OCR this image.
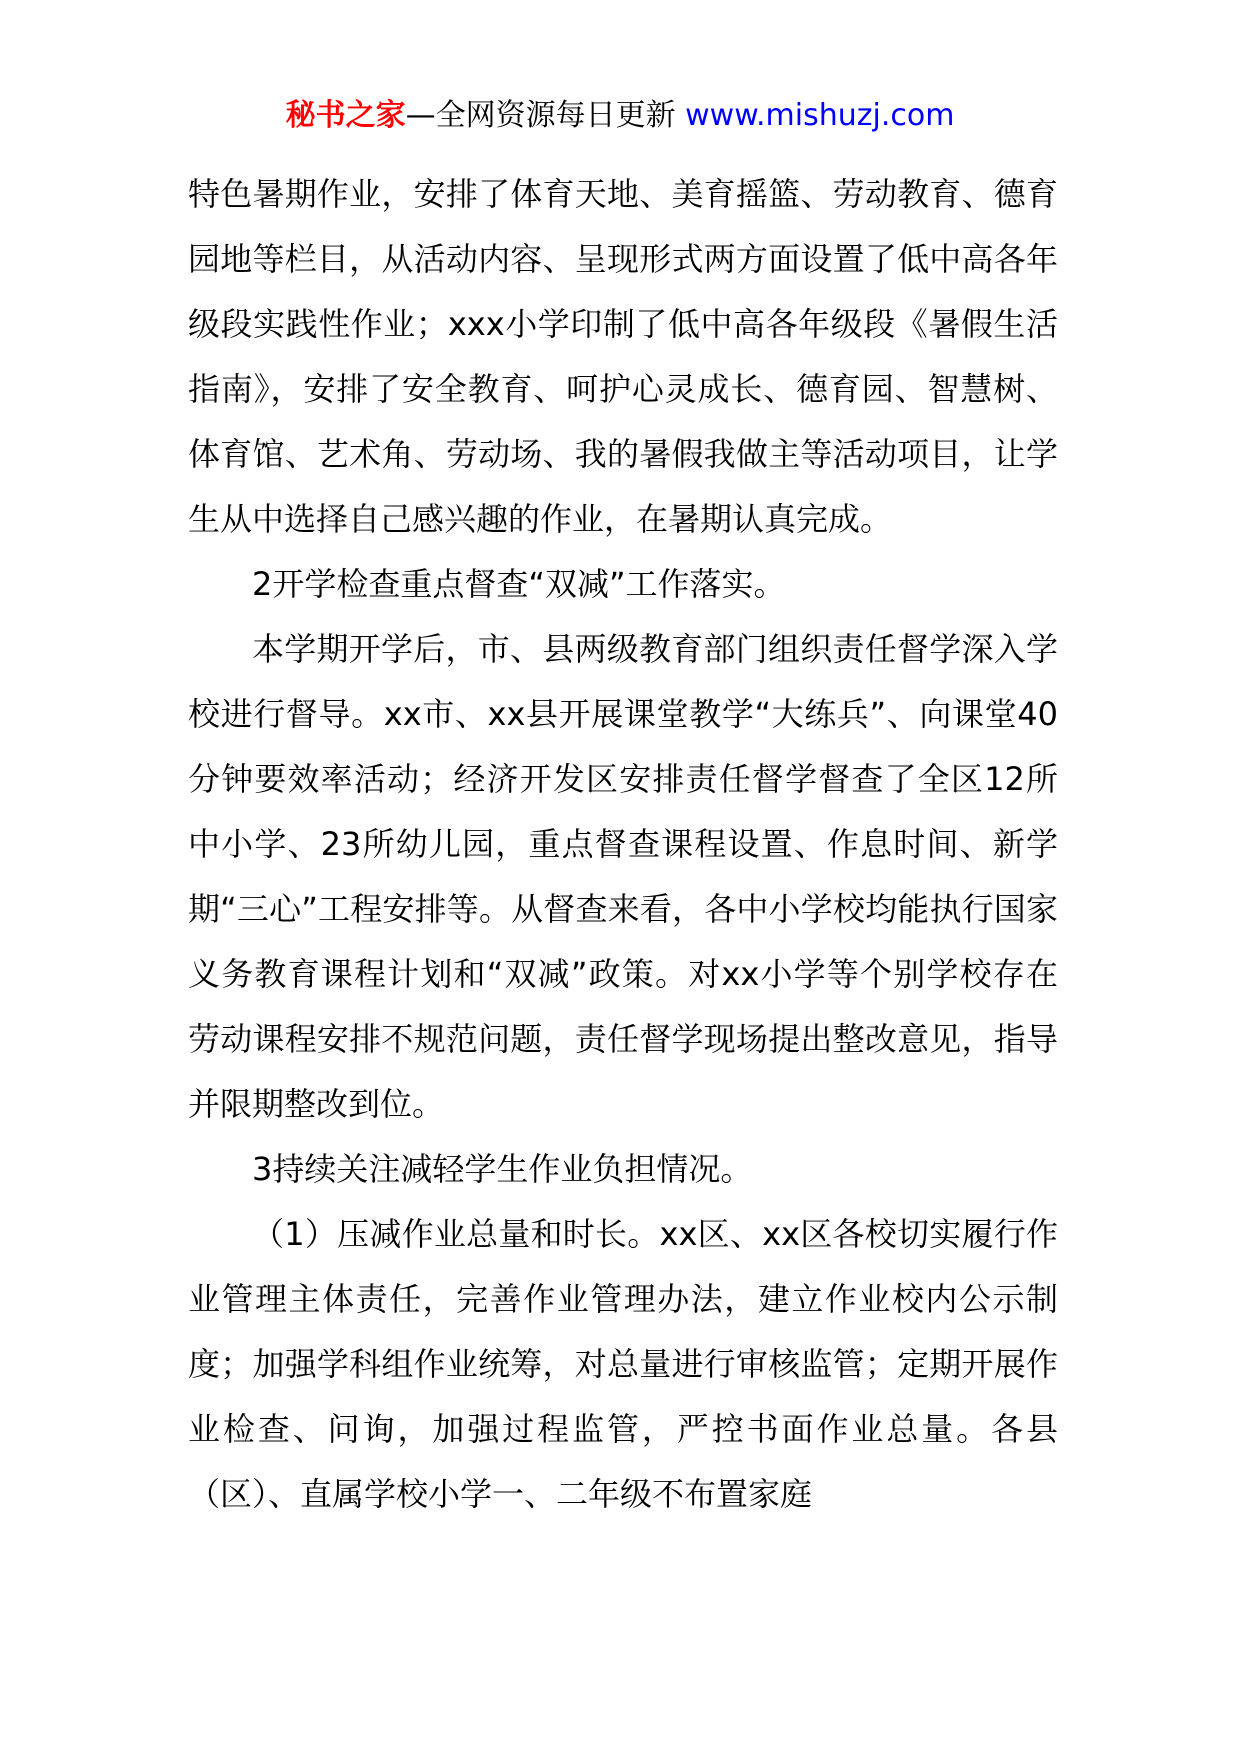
秘书之家—全网资源每日更新 www.mishuzj.com

特色暑期作业，安排了体育天地、美育摇篮、劳动教育、德育园地等栏目，从活动内容、呈现形式两方面设置了低中高各年级段实践性作业；xxx小学印制了低中高各年级段《暑假生活指南》，安排了安全教育、呵护心灵成长、德育园、智慧树、体育馆、艺术角、劳动场、我的暑假我做主等活动项目，让学生从中选择自己感兴趣的作业，在暑期认真完成。

2开学检查重点督查“双减”工作落实。

本学期开学后，市、县两级教育部门组织责任督学深入学校进行督导。xx市、xx县开展课堂教学“大练兵”、向课堂40分钟要效率活动；经济开发区安排责任督学督查了全区12所中小学、23所幼儿园，重点督查课程设置、作息时间、新学期“三心”工程安排等。从督查来看，各中小学校均能执行国家义务教育课程计划和“双减”政策。对xx小学等个别学校存在劳动课程安排不规范问题，责任督学现场提出整改意见，指导并限期整改到位。

3持续关注减轻学生作业负担情况。

（1）压减作业总量和时长。xx区、xx区各校切实履行作业管理主体责任，完善作业管理办法，建立作业校内公示制度；加强学科组作业统筹，对总量进行审核监管；定期开展作业检查、问询，加强过程监管，严控书面作业总量。各县（区）、直属学校小学一、二年级不布置家庭
